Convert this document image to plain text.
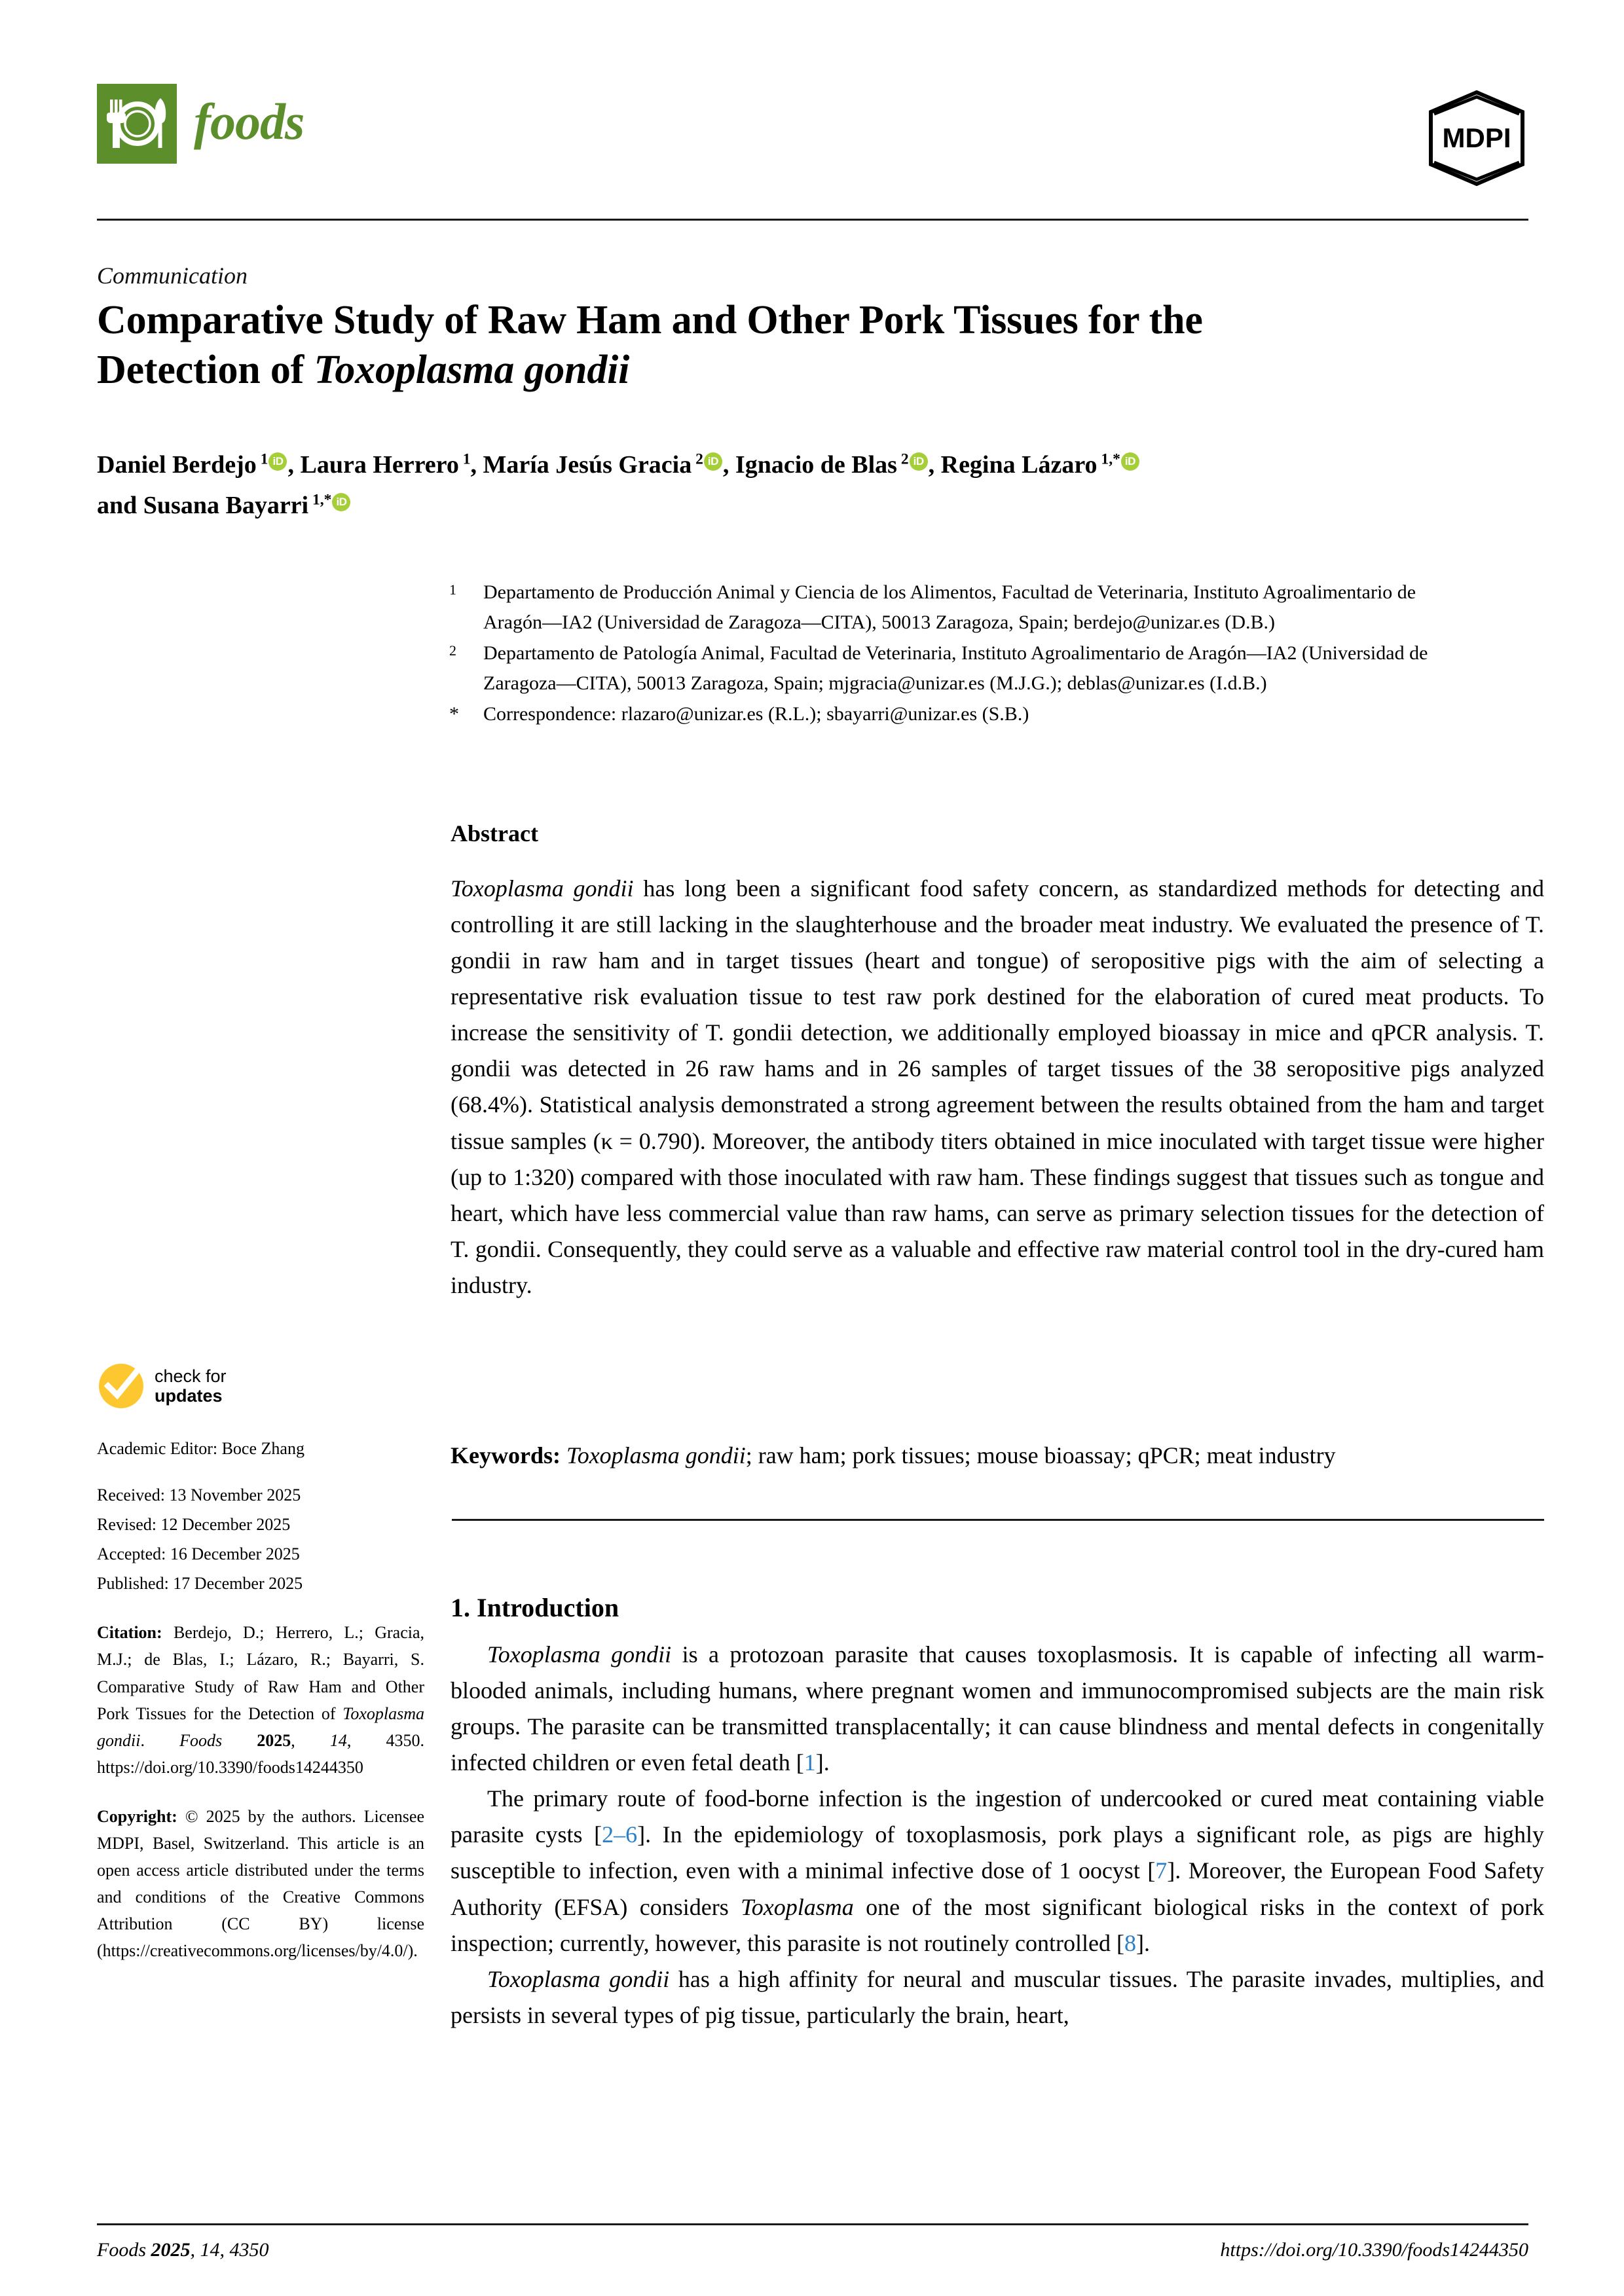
foods	MDPI
Communication
Comparative Study of Raw Ham and Other Pork Tissues for the
Detection of Toxoplasma gondii
Daniel Berdejo $^1$ iD , Laura Herrero $^1$, María Jesús Gracia $^2$ iD , Ignacio de Blas $^2$ iD , Regina Lázaro $^{1,*}$ iD
and Susana Bayarri $^{1,*}$ iD
1	Departamento de Producción Animal y Ciencia de los Alimentos, Facultad de Veterinaria, Instituto Agroalimentario de Aragón—IA2 (Universidad de Zaragoza—CITA), 50013 Zaragoza, Spain; berdejo@unizar.es (D.B.)
2	Departamento de Patología Animal, Facultad de Veterinaria, Instituto Agroalimentario de Aragón—IA2 (Universidad de Zaragoza—CITA), 50013 Zaragoza, Spain; mjgracia@unizar.es (M.J.G.); deblas@unizar.es (I.d.B.)
*	Correspondence: rlazaro@unizar.es (R.L.); sbayarri@unizar.es (S.B.)
Abstract
Toxoplasma gondii has long been a significant food safety concern, as standardized methods for detecting and controlling it are still lacking in the slaughterhouse and the broader meat industry. We evaluated the presence of T. gondii in raw ham and in target tissues (heart and tongue) of seropositive pigs with the aim of selecting a representative risk evaluation tissue to test raw pork destined for the elaboration of cured meat products. To increase the sensitivity of T. gondii detection, we additionally employed bioassay in mice and qPCR analysis. T. gondii was detected in 26 raw hams and in 26 samples of target tissues of the 38 seropositive pigs analyzed (68.4%). Statistical analysis demonstrated a strong agreement between the results obtained from the ham and target tissue samples (κ = 0.790). Moreover, the antibody titers obtained in mice inoculated with target tissue were higher (up to 1:320) compared with those inoculated with raw ham. These findings suggest that tissues such as tongue and heart, which have less commercial value than raw hams, can serve as primary selection tissues for the detection of T. gondii. Consequently, they could serve as a valuable and effective raw material control tool in the dry-cured ham industry.
Keywords: Toxoplasma gondii; raw ham; pork tissues; mouse bioassay; qPCR; meat industry
check for
updates
Academic Editor: Boce Zhang
Received: 13 November 2025
Revised: 12 December 2025
Accepted: 16 December 2025
Published: 17 December 2025
Citation: Berdejo, D.; Herrero, L.; Gracia, M.J.; de Blas, I.; Lázaro, R.; Bayarri, S. Comparative Study of Raw Ham and Other Pork Tissues for the Detection of Toxoplasma gondii. Foods 2025, 14, 4350. https://doi.org/10.3390/foods14244350
Copyright: © 2025 by the authors. Licensee MDPI, Basel, Switzerland. This article is an open access article distributed under the terms and conditions of the Creative Commons Attribution (CC BY) license (https://creativecommons.org/licenses/by/4.0/).
1. Introduction

Toxoplasma gondii is a protozoan parasite that causes toxoplasmosis. It is capable of infecting all warm-blooded animals, including humans, where pregnant women and immunocompromised subjects are the main risk groups. The parasite can be transmitted transplacentally; it can cause blindness and mental defects in congenitally infected children or even fetal death [1].

The primary route of food-borne infection is the ingestion of undercooked or cured meat containing viable parasite cysts [2–6]. In the epidemiology of toxoplasmosis, pork plays a significant role, as pigs are highly susceptible to infection, even with a minimal infective dose of 1 oocyst [7]. Moreover, the European Food Safety Authority (EFSA) considers Toxoplasma one of the most significant biological risks in the context of pork inspection; currently, however, this parasite is not routinely controlled [8].

Toxoplasma gondii has a high affinity for neural and muscular tissues. The parasite invades, multiplies, and persists in several types of pig tissue, particularly the brain, heart,

Foods 2025, 14, 4350	https://doi.org/10.3390/foods14244350
